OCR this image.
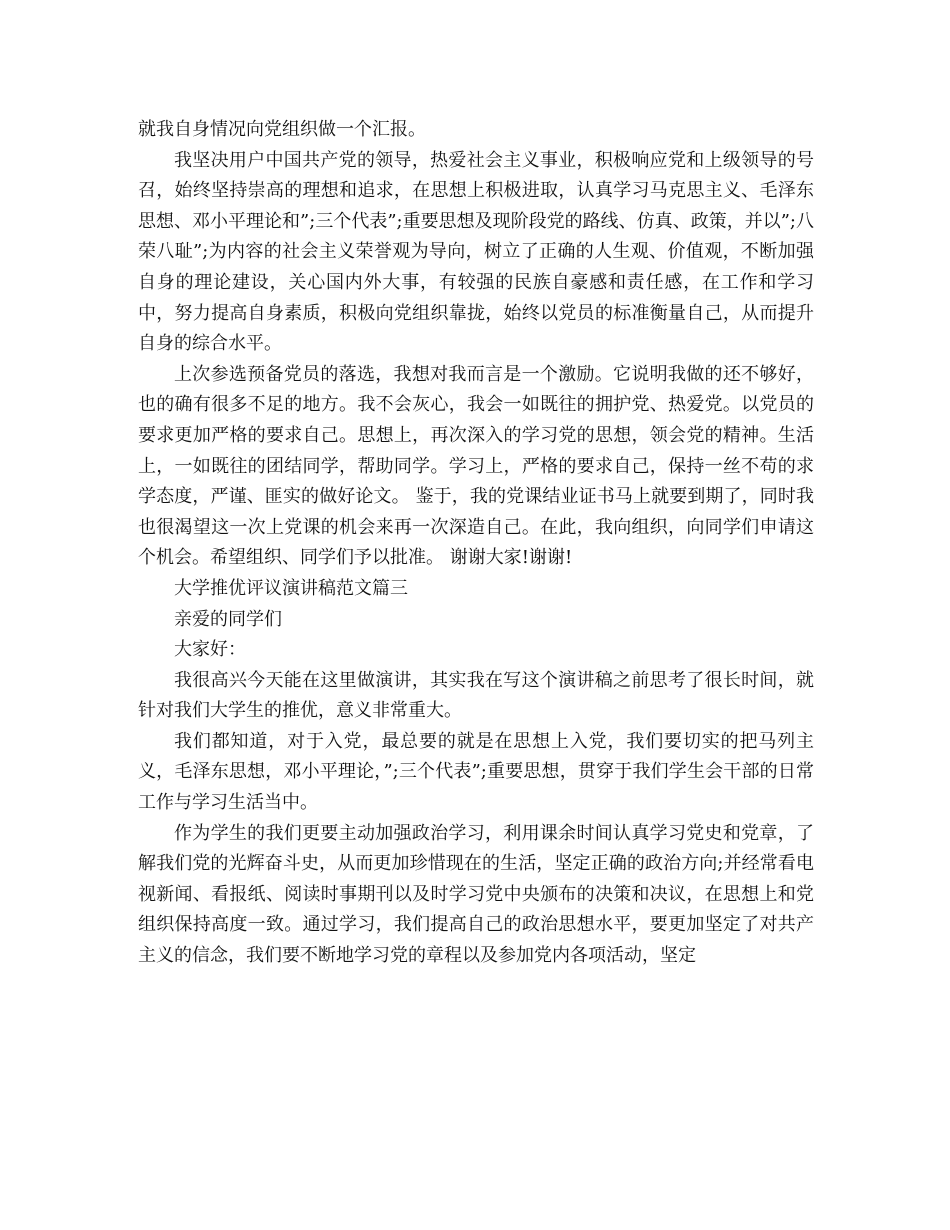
就我自身情况向党组织做一个汇报。

我坚决用户中国共产党的领导，热爱社会主义事业，积极响应党和上级领导的号召，始终坚持崇高的理想和追求，在思想上积极进取，认真学习马克思主义、毛泽东思想、邓小平理论和”;三个代表”;重要思想及现阶段党的路线、仿真、政策，并以”;八荣八耻”;为内容的社会主义荣誉观为导向，树立了正确的人生观、价值观，不断加强自身的理论建设，关心国内外大事，有较强的民族自豪感和责任感，在工作和学习中，努力提高自身素质，积极向党组织靠拢，始终以党员的标准衡量自己，从而提升自身的综合水平。

上次参选预备党员的落选，我想对我而言是一个激励。它说明我做的还不够好，也的确有很多不足的地方。我不会灰心，我会一如既往的拥护党、热爱党。以党员的要求更加严格的要求自己。思想上，再次深入的学习党的思想，领会党的精神。生活上，一如既往的团结同学，帮助同学。学习上，严格的要求自己，保持一丝不苟的求学态度，严谨、匪实的做好论文。 鉴于，我的党课结业证书马上就要到期了，同时我也很渴望这一次上党课的机会来再一次深造自己。在此，我向组织，向同学们申请这个机会。希望组织、同学们予以批准。 谢谢大家!谢谢!

大学推优评议演讲稿范文篇三

亲爱的同学们

大家好：

我很高兴今天能在这里做演讲，其实我在写这个演讲稿之前思考了很长时间，就针对我们大学生的推优，意义非常重大。

我们都知道，对于入党，最总要的就是在思想上入党，我们要切实的把马列主义，毛泽东思想，邓小平理论，”;三个代表”;重要思想，贯穿于我们学生会干部的日常工作与学习生活当中。

作为学生的我们更要主动加强政治学习，利用课余时间认真学习党史和党章，了解我们党的光辉奋斗史，从而更加珍惜现在的生活，坚定正确的政治方向;并经常看电视新闻、看报纸、阅读时事期刊以及时学习党中央颁布的决策和决议，在思想上和党组织保持高度一致。通过学习，我们提高自己的政治思想水平，要更加坚定了对共产主义的信念，我们要不断地学习党的章程以及参加党内各项活动，坚定
